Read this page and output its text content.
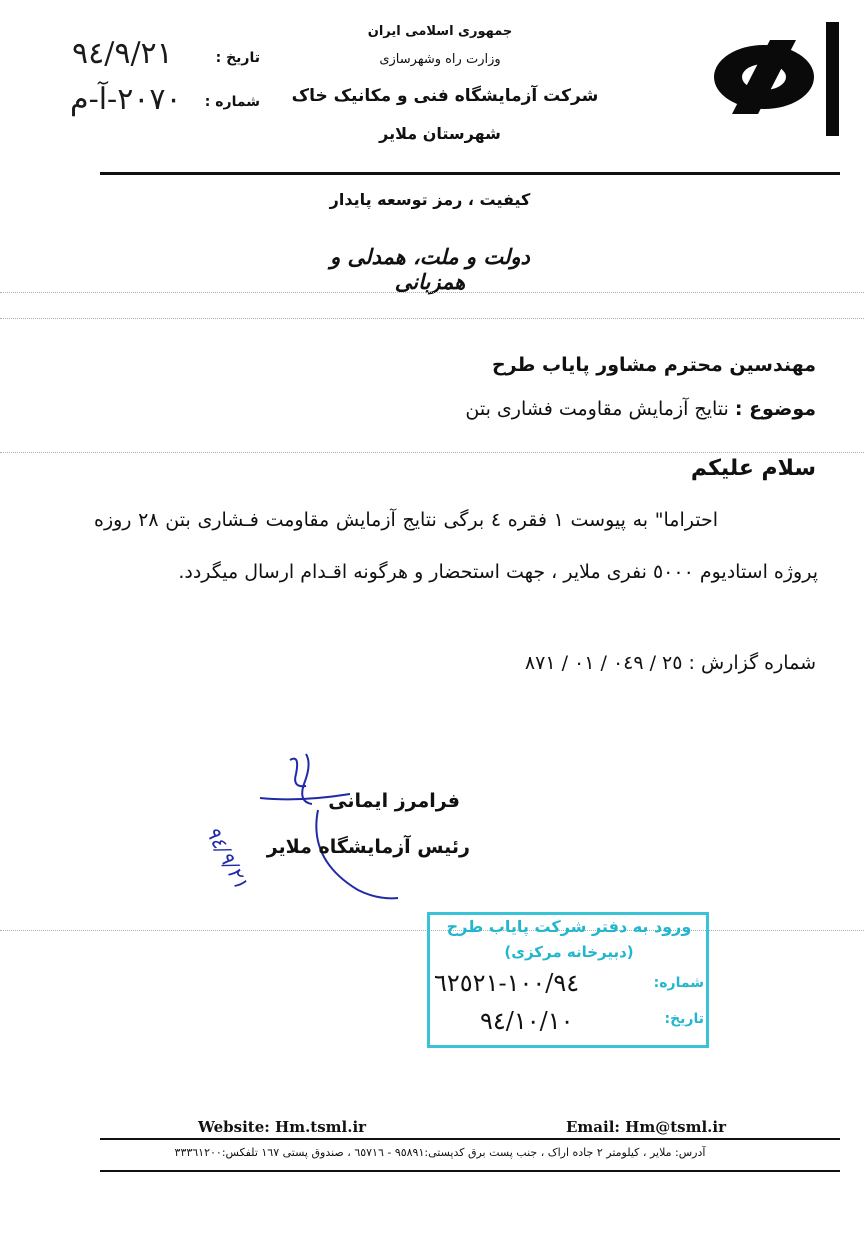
جمهوری اسلامی ایران
وزارت راه وشهرسازی
شرکت آزمایشگاه فنی و مکانیک خاک
شهرستان ملایر
تاریخ :
٩٤/٩/٢١
شماره :
٢٠٧٠-آ-م
کیفیت ، رمز توسعه پایدار
دولت و ملت، همدلی و همزبانی
مهندسین محترم مشاور پایاب طرح
موضوع : نتایج آزمایش مقاومت فشاری بتن
سلام علیکم
احتراما" به پیوست ١ فقره ٤ برگی نتایج آزمایش مقاومت فـشاری بتن ٢٨ روزه پروژه استادیوم ٥٠٠٠ نفری ملایر ، جهت استحضار و هرگونه اقـدام ارسال میگردد.
شماره گزارش : ٢٥ / ٠٤٩ / ٠١ / ٨٧١
٩٤/٩/٢١
فرامرز ایمانی
رئیس آزمایشگاه ملایر
ورود به دفتر شرکت پایاب طرح
(دبیرخانه مرکزی)
شماره:
١٠٠/٩٤-٦٢٥٢١
تاریخ:
٩٤/١٠/١٠
Website: Hm.tsml.ir	Email: Hm@tsml.ir
آدرس: ملایر ، کیلومتر ٢ جاده اراک ، جنب پست برق کدپستی:٩٥٨٩١ - ٦٥٧١٦ ، صندوق پستی ١٦٧ تلفکس:٣٣٣٦١٢٠٠
